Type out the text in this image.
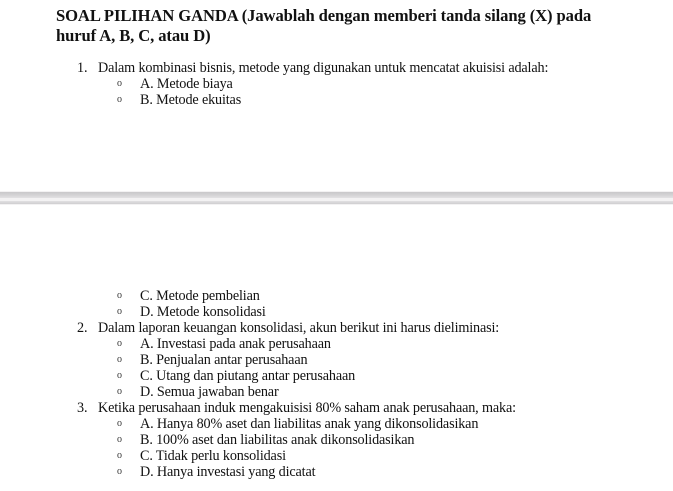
SOAL PILIHAN GANDA (Jawablah dengan memberi tanda silang (X) pada huruf A, B, C, atau D)
1. Dalam kombinasi bisnis, metode yang digunakan untuk mencatat akuisisi adalah:
o A. Metode biaya
o B. Metode ekuitas
o C. Metode pembelian
o D. Metode konsolidasi
2. Dalam laporan keuangan konsolidasi, akun berikut ini harus dieliminasi:
o A. Investasi pada anak perusahaan
o B. Penjualan antar perusahaan
o C. Utang dan piutang antar perusahaan
o D. Semua jawaban benar
3. Ketika perusahaan induk mengakuisisi 80% saham anak perusahaan, maka:
o A. Hanya 80% aset dan liabilitas anak yang dikonsolidasikan
o B. 100% aset dan liabilitas anak dikonsolidasikan
o C. Tidak perlu konsolidasi
o D. Hanya investasi yang dicatat
